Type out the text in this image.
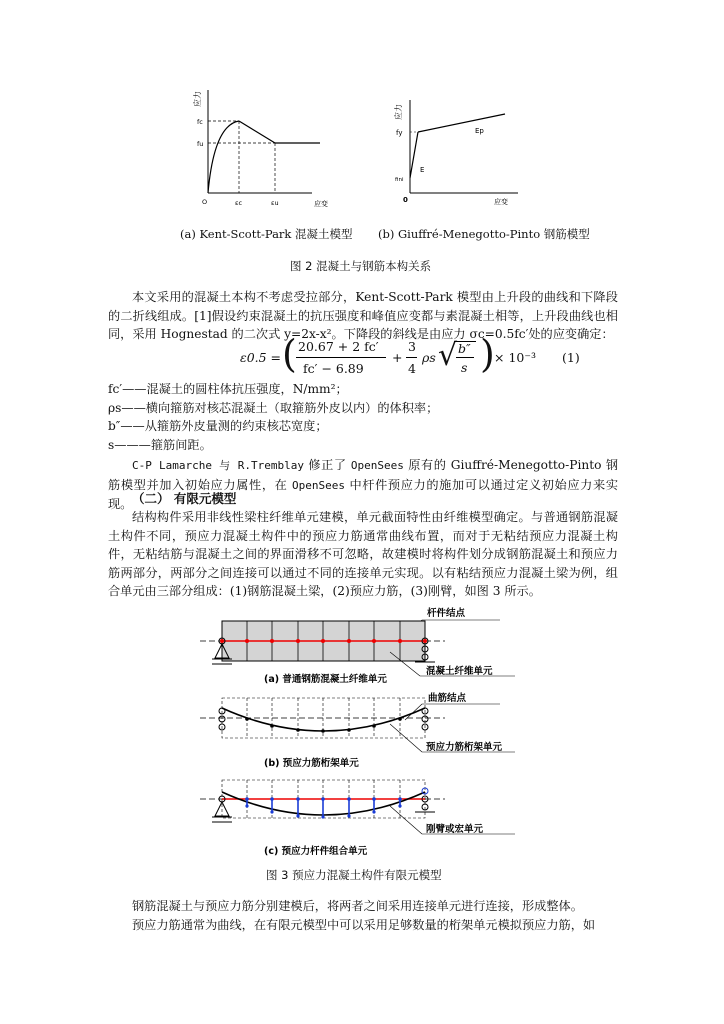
应力
fc
fu
O	εc	εu	应变
应力
fy
fini
0	应变
Ep
E
(a) Kent-Scott-Park 混凝土模型 (b) Giuffré-Menegotto-Pinto 钢筋模型
图 2 混凝土与钢筋本构关系

本文采用的混凝土本构不考虑受拉部分，Kent-Scott-Park 模型由上升段的曲线和下降段的二折线组成。[1]假设约束混凝土的抗压强度和峰值应变都与素混凝土相等，上升段曲线也相同，采用 Hognestad 的二次式 y=2x-x²。下降段的斜线是由应力 σc=0.5fc′处的应变确定：

ε0.5 = ( 20.67 + 2 fc′
fc′ − 6.89
+
3
4
ρs √ b″
s ) × 10⁻³ (1)
fc′——混凝土的圆柱体抗压强度，N/mm²；
ρs——横向箍筋对核芯混凝土（取箍筋外皮以内）的体积率；
b″——从箍筋外皮量测的约束核芯宽度；
s———箍筋间距。

C-P Lamarche 与 R.Tremblay 修正了 OpenSees 原有的 Giuffré-Menegotto-Pinto 钢筋模型并加入初始应力属性，在 OpenSees 中杆件预应力的施加可以通过定义初始应力来实现。 （二） 有限元模型

结构构件采用非线性梁柱纤维单元建模，单元截面特性由纤维模型确定。与普通钢筋混凝土构件不同，预应力混凝土构件中的预应力筋通常曲线布置，而对于无粘结预应力混凝土构件，无粘结筋与混凝土之间的界面滑移不可忽略，故建模时将构件划分成钢筋混凝土和预应力筋两部分，两部分之间连接可以通过不同的连接单元实现。以有粘结预应力混凝土梁为例，组合单元由三部分组成：(1)钢筋混凝土梁，(2)预应力筋，(3)刚臂，如图 3 所示。

杆件结点
混凝土纤维单元
(a) 普通钢筋混凝土纤维单元
曲筋结点
预应力筋桁架单元
(b) 预应力筋桁架单元
刚臂或宏单元
(c) 预应力杆件组合单元
图 3 预应力混凝土构件有限元模型

钢筋混凝土与预应力筋分别建模后，将两者之间采用连接单元进行连接，形成整体。

预应力筋通常为曲线，在有限元模型中可以采用足够数量的桁架单元模拟预应力筋，如
